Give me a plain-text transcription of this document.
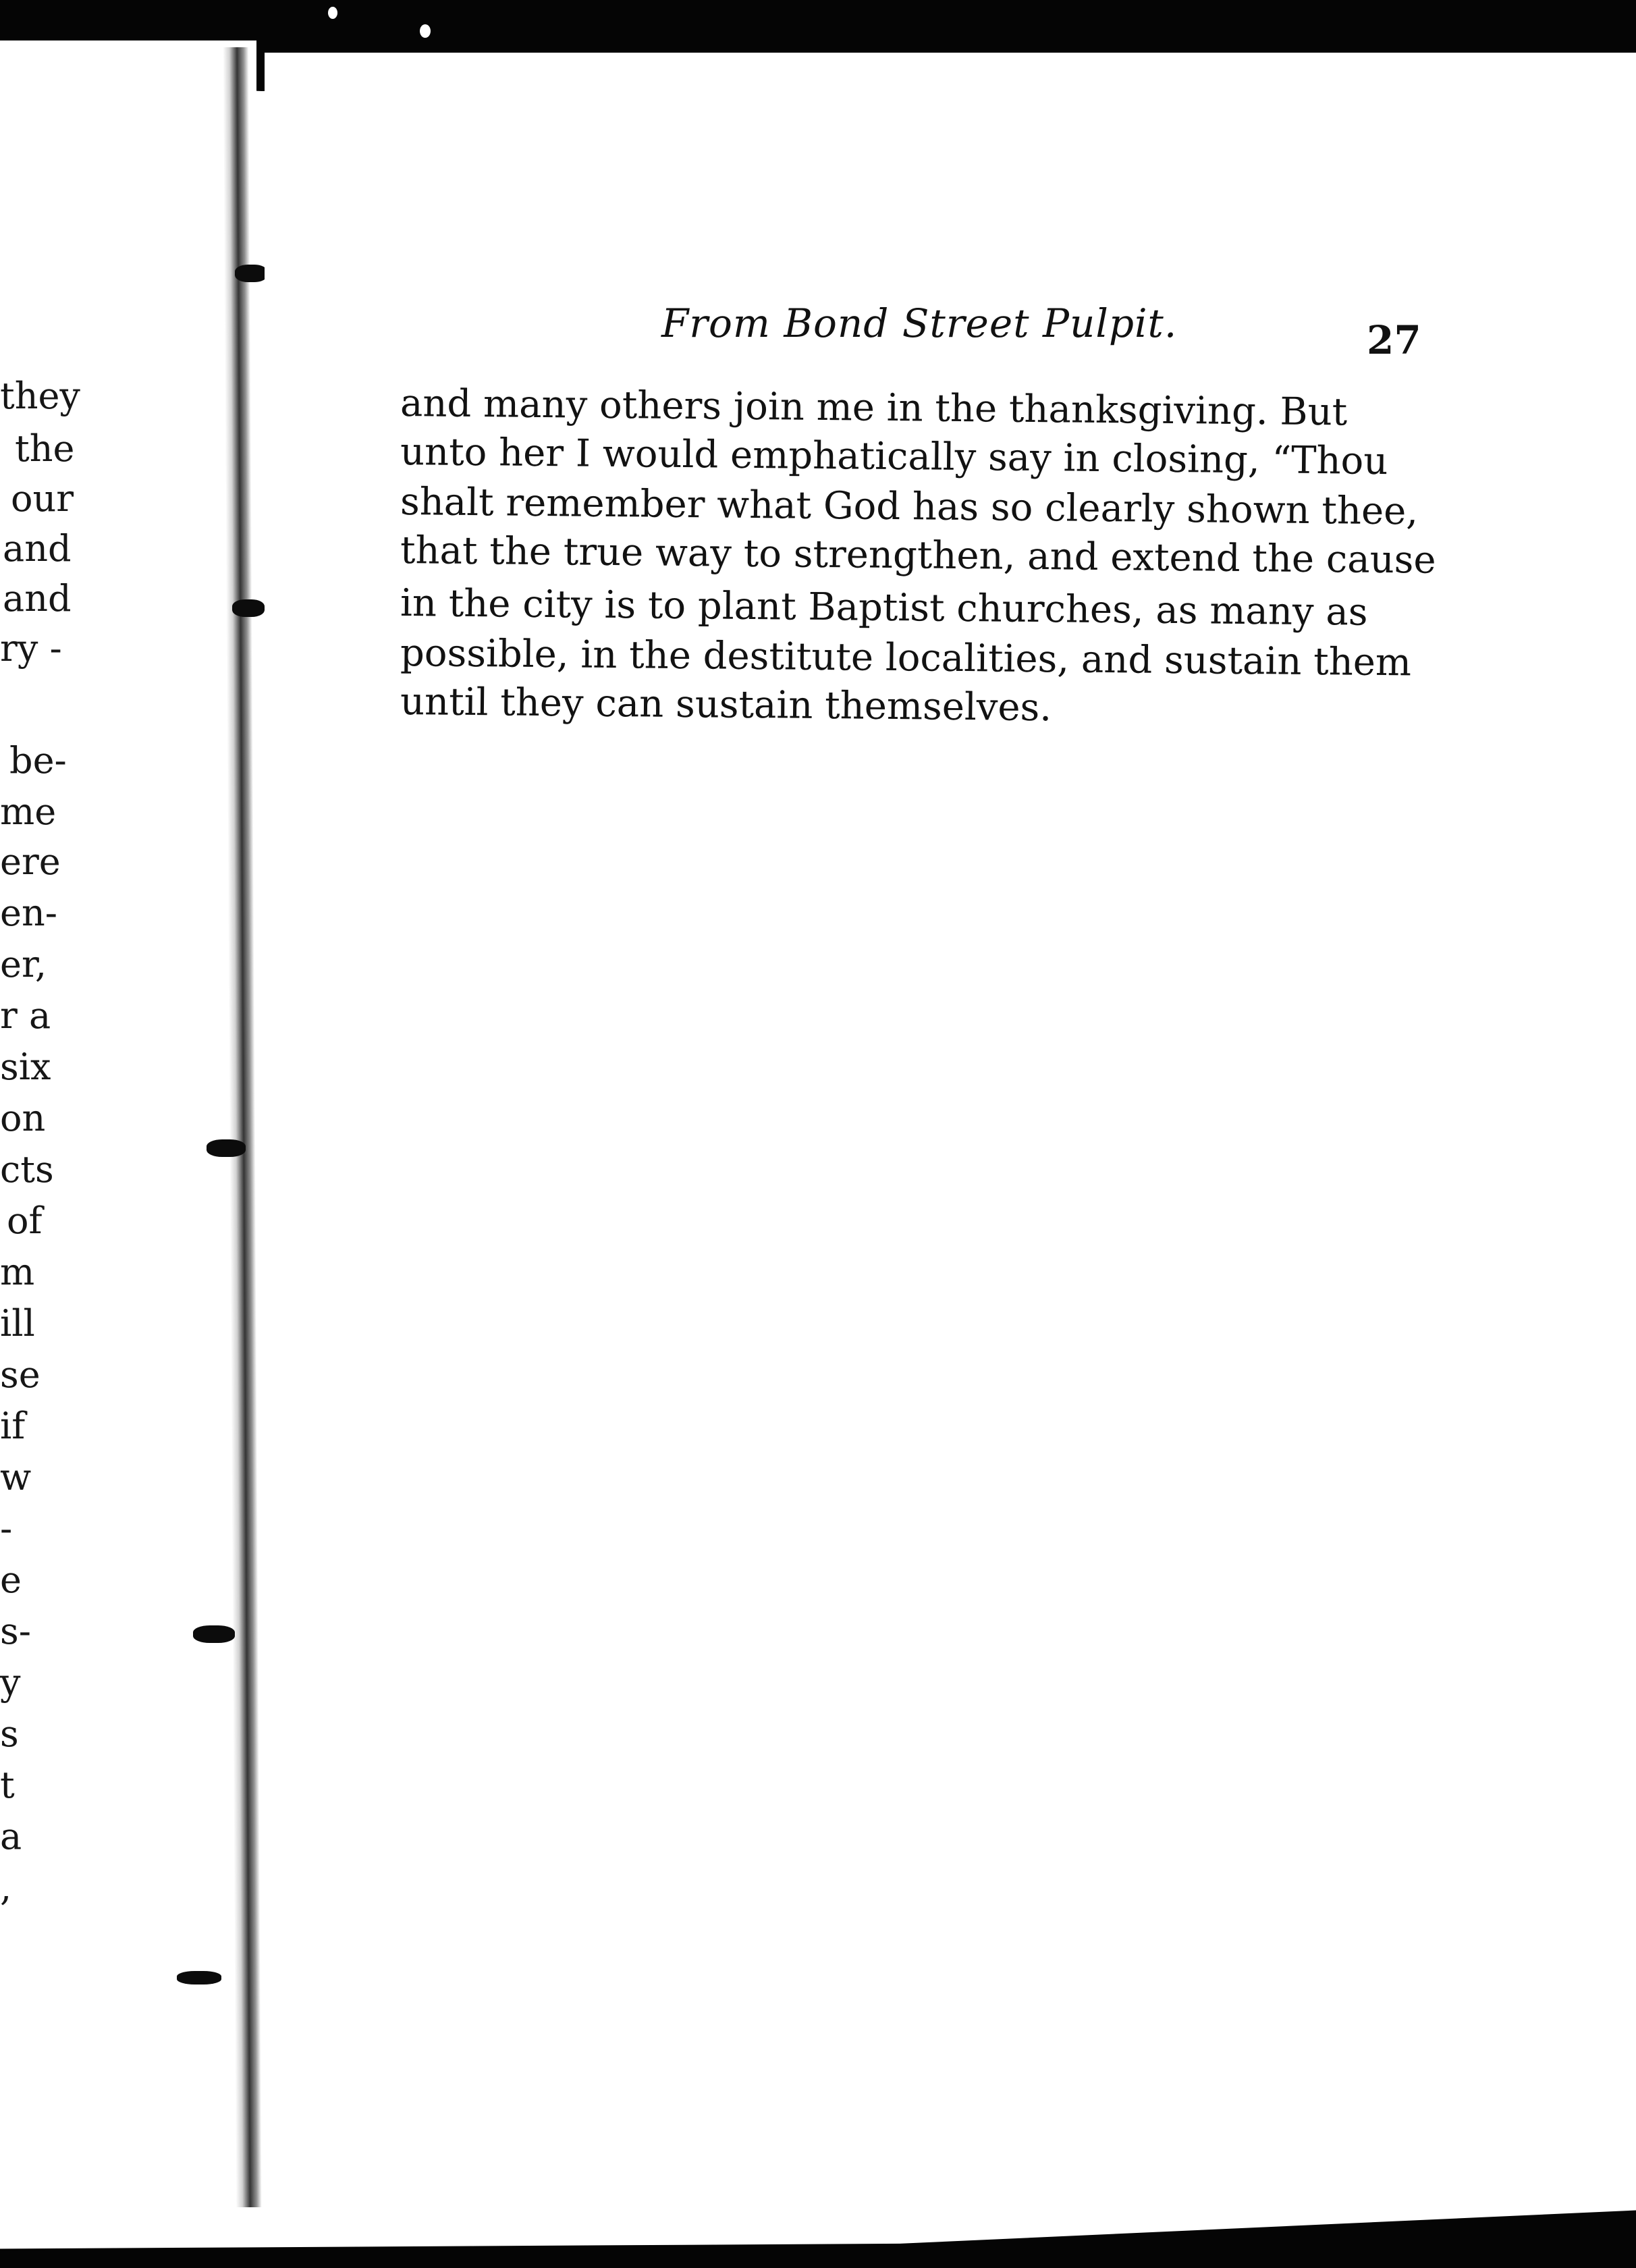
they
the
our
and
and
ry -
be-
me
ere
en-
er,
r a
six
on
cts
of
m
ill
se
if
w
-
e
s-
y
s
t
a
,
From Bond Street Pulpit.	27
and many others join me in the thanksgiving. But
unto her I would emphatically say in closing, “Thou
shalt remember what God has so clearly shown thee,
that the true way to strengthen, and extend the cause
in the city is to plant Baptist churches, as many as
possible, in the destitute localities, and sustain them
until they can sustain themselves.
